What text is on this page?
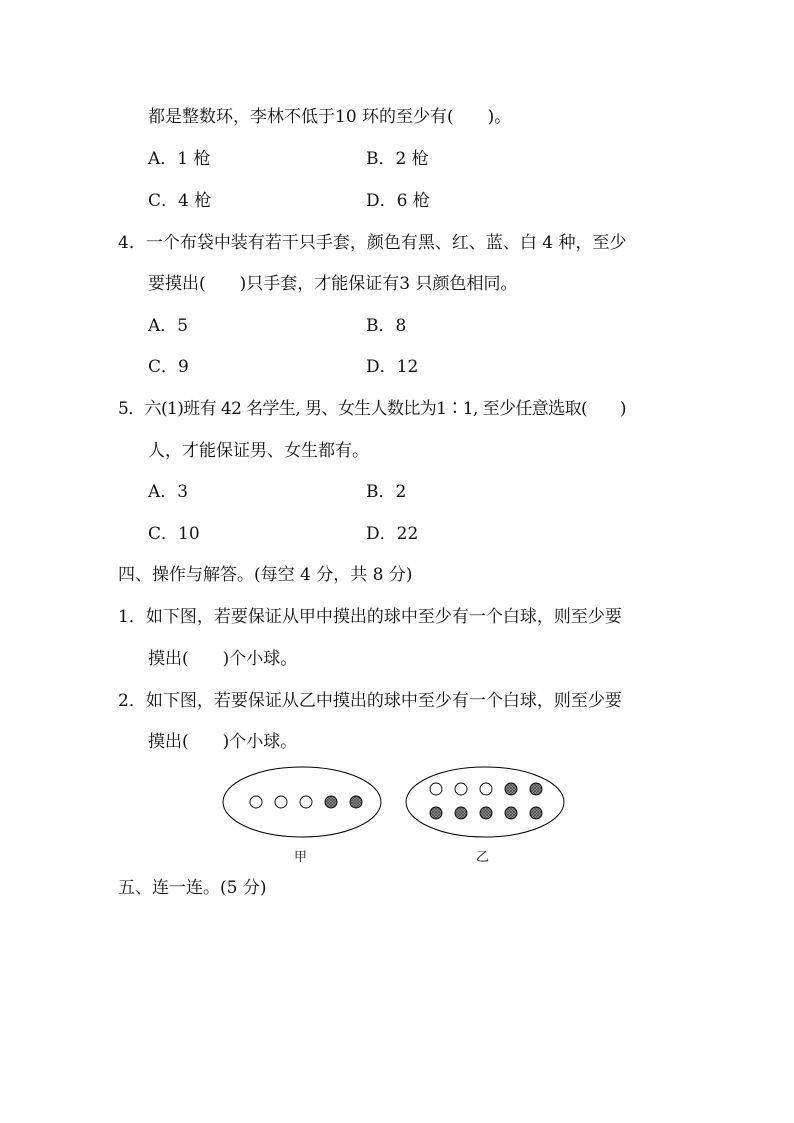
都是整数环，李林不低于10 环的至少有(　　)。
A．1 枪	B．2 枪
C．4 枪	D．6 枪
4．一个布袋中装有若干只手套，颜色有黑、红、蓝、白 4 种，至少
要摸出(　　)只手套，才能保证有3 只颜色相同。
A．5	B．8
C．9	D．12
5．六(1)班有 42 名学生, 男、女生人数比为1∶1, 至少任意选取(　　)
人，才能保证男、女生都有。
A．3	B．2
C．10	D．22
四、操作与解答。(每空 4 分，共 8 分)
1．如下图，若要保证从甲中摸出的球中至少有一个白球，则至少要
摸出(　　)个小球。
2．如下图，若要保证从乙中摸出的球中至少有一个白球，则至少要
摸出(　　)个小球。
甲	乙
五、连一连。(5 分)
